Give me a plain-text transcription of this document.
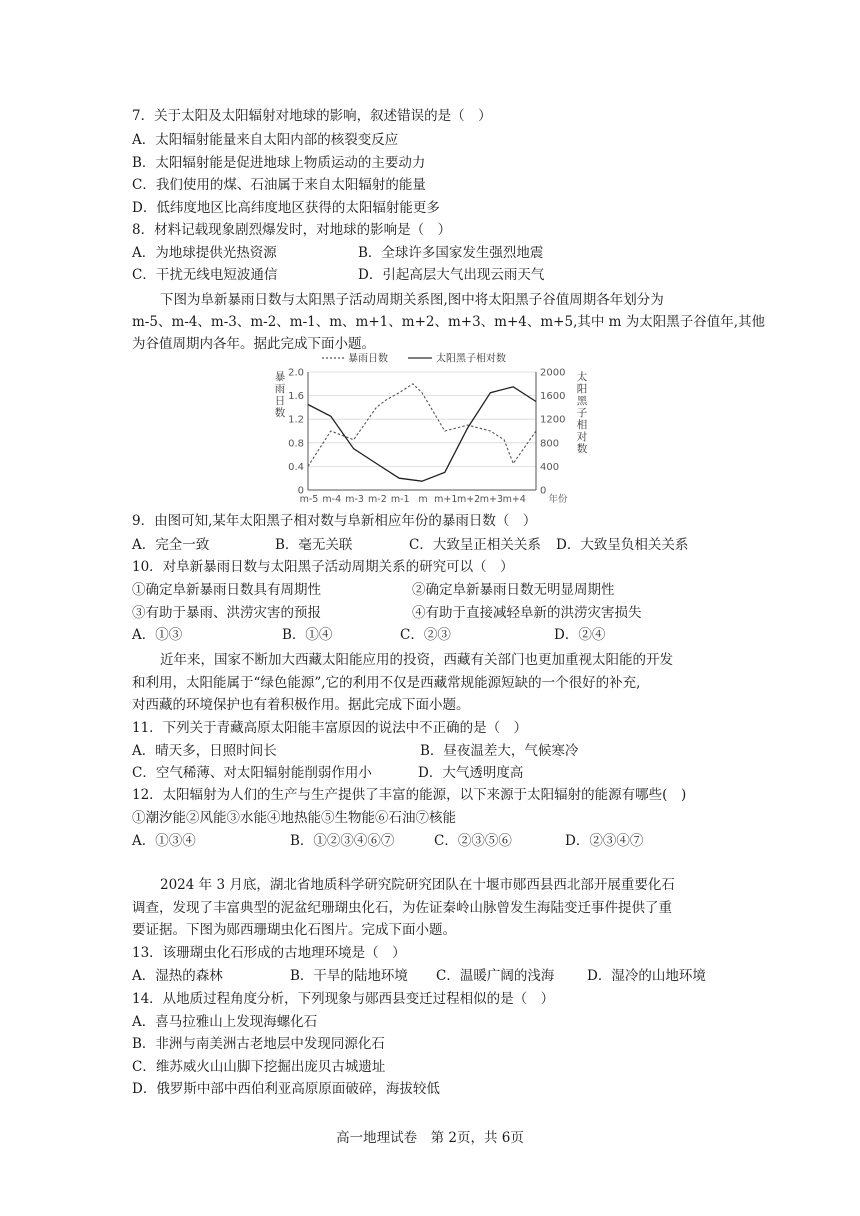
7．关于太阳及太阳辐射对地球的影响，叙述错误的是（　）
A．太阳辐射能量来自太阳内部的核裂变反应
B．太阳辐射能是促进地球上物质运动的主要动力
C．我们使用的煤、石油属于来自太阳辐射的能量
D．低纬度地区比高纬度地区获得的太阳辐射能更多
8．材料记载现象剧烈爆发时，对地球的影响是（　）
A．为地球提供光热资源	B．全球许多国家发生强烈地震
C．干扰无线电短波通信	D．引起高层大气出现云雨天气
下图为阜新暴雨日数与太阳黑子活动周期关系图,图中将太阳黑子谷值周期各年划分为
m-5、m-4、m-3、m-2、m-1、m、m+1、m+2、m+3、m+4、m+5,其中 m 为太阳黑子谷值年,其他
为谷值周期内各年。据此完成下面小题。
0
0.4
0.8
1.2
1.6
2.0
0
400
800
1200
1600
2000
m-5 m-4 m-3 m-2 m-1 m m+1 m+2 m+3 m+4 年份
暴
雨
日
数
太
阳
黑
子
相
对
数
暴雨日数	太阳黑子相对数
9．由图可知,某年太阳黑子相对数与阜新相应年份的暴雨日数（　）
A．完全一致	B．毫无关联	C．大致呈正相关关系 D．大致呈负相关关系
10．对阜新暴雨日数与太阳黑子活动周期关系的研究可以（　）
①确定阜新暴雨日数具有周期性	②确定阜新暴雨日数无明显周期性
③有助于暴雨、洪涝灾害的预报	④有助于直接减轻阜新的洪涝灾害损失
A．①③	B．①④	C．②③	D．②④
近年来，国家不断加大西藏太阳能应用的投资，西藏有关部门也更加重视太阳能的开发
和利用，太阳能属于“绿色能源”,它的利用不仅是西藏常规能源短缺的一个很好的补充,
对西藏的环境保护也有着积极作用。据此完成下面小题。
11．下列关于青藏高原太阳能丰富原因的说法中不正确的是（　）
A．晴天多，日照时间长	B．昼夜温差大，气候寒冷
C．空气稀薄、对太阳辐射能削弱作用小	D．大气透明度高
12．太阳辐射为人们的生产与生产提供了丰富的能源，以下来源于太阳辐射的能源有哪些(　)
①潮汐能②风能③水能④地热能⑤生物能⑥石油⑦核能
A．①③④	B．①②③④⑥⑦	C．②③⑤⑥	D．②③④⑦
2024 年 3 月底，湖北省地质科学研究院研究团队在十堰市郧西县西北部开展重要化石
调查，发现了丰富典型的泥盆纪珊瑚虫化石，为佐证秦岭山脉曾发生海陆变迁事件提供了重
要证据。下图为郧西珊瑚虫化石图片。完成下面小题。
13．该珊瑚虫化石形成的古地理环境是（　）
A．湿热的森林	B．干旱的陆地环境 C．温暖广阔的浅海 D．湿冷的山地环境
14．从地质过程角度分析，下列现象与郧西县变迁过程相似的是（　）
A．喜马拉雅山上发现海螺化石
B．非洲与南美洲古老地层中发现同源化石
C．维苏威火山山脚下挖掘出庞贝古城遗址
D．俄罗斯中部中西伯利亚高原原面破碎，海拔较低
高一地理试卷　第 2页，共 6页
